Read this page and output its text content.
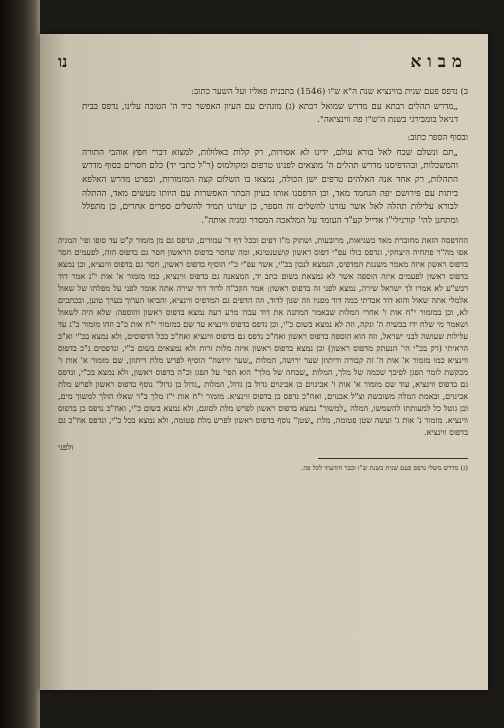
מבוא
נו

ב) נדפס פעם שנית בווינציא שנת ה"א ש"ו (1546) בתבנית פאליו ועל השער כתוב:

„מדרש תהלים רבתא עם מדרש שמואל רבתא (ג) מוגהים עם העיון האפשר כיד ה' הטובה עלינו, נדפס בבית דניאל בומבירגי בשנת ה'ש"ו פה ווינציאה".

ובסוף הספר כתוב:

„תם ונשלם שבח לאל בורא עולם, ידינו לא אסורות, רק קלות כאלולות, למצוא דברי חפץ אוהבי התורה והמשכלות, ובהדפיסנו מדרש תהלים ה' מוצאים לפנינו טרפום ומקולמוס (ר"ל כתבי יד) כלם חסרים בסוף מדרש התהלות, רק אחד אנה האלהים טרפים ישן הכולה, נמצאו בו השלום קצה המזמורות, ובפרט מדרש האלפא ביתות עם פירושם יפה הנחמד מאד, וכן הדפסנו אותו בעיון הבתר האפשרות עם היותו מעשים מאד, ההתלה לבורא עלילות תהלה לאל אשר עזרנו להשלים זה הספר, כן יעזרנו תמיד להשלים ספרים אחרים, כן מתפלל ומתחנן להי' קורנילי"ו אדייל קע"ד העומד על המלאכה המסדר ומגיה אותה".

ההדפסה הזאת מחוברת מאד בשגיאות, מרובעות, ושתוק מ"ז דפים ובכל דף ד' עמודים, ונדפס גם מן מזמור ק"ט עד סופו ופי' המגיה אפו מה"ר פתחיה היצחקי, ונדפס כולו עפ"י דפוס ראשון קושטנטינא, ומה שחסר בדפוס הראשון חסר גם בדפוס הזה, לפעמים חסר בדפוס ראשון איזה מאמר משנגת המדפיס, הנמצא לנכון בכ"י, אשר עפ"י כ"י הוסיף בדפוס ראשון, חסר גם בדפוס ווינציא, וכן נמצא בדפוס ראשון לפעמים איזה הוספה אשר לא נמצאת בשום כתב יד, המצאנה גם בדפוס ווינציא, כמו מזמור א' אות י"ג אמר דוד רבש"ע לא אמרו לך ישראל שירה, נמצא לפני זה בדפוס ראשון: אמר הקב"ה לדוד דוד שירה אתה אומר לפני על מפלתו של שאול אלמלי אתה שאול והוא דוד אבדתי כמה דוד מפניו וזה שנון לדוד, וזה הדפים גם המדפיס ווינציא, והביאו הערוך בערך טוען, ובכתבים לא, וכן במזמור י"ח אות ו' אחרי המלות שבאמר המתנה את דוד עבדו מרע רעה נמצא בדפוס ראשון והוספה: שלא היה לשאול ושאמר מי שלח ידו בבשיח ה' ונקה, וזה לא נמצא בשום כ"י, וכן נדפס בדפוס ווינציא עד שם במזמור י"ח אות כ"ב וזהו מזמור כ"ג עד עלילות שעושה לבני ישראל, וזה הוא הוספה בדפוס ראשון ואח"כ נדפס גם בדפוס ווינציא ואח"כ בכל הדפוסים, ולא נמצא בכ"י וא"כ הראיתי (רק בכ"י הי' הנעתק מדפוס ראשון) וכן נמצא בדפוס ראשון איזה מלות זרות ולא נמצאים בשום כ"י, ונדפסים נ"כ בדפוס ווינציא כמו מזמור א' אות ה' זה קבורה ודיתוזן שער ירושה, המלות „שער ירושה" הוסיף לפרש מלת דיתוזן, שם מזמור א' אות ו' מכקשת לומר הפגן לפיכך שכמה של מלך, המלות „שבחה של מלך" הוא הפי' על הפגן וכ"ה בדפוס ראשון, ולא נמצא בכ"י, ונדפס גם בדפוס ווינציא, עוד שם מזמור א' אות ו' אבינוים כן אבינוים גדול בן גדול, המלות „גדול בן גדול" נוסף בדפוס ראשון לפרש מלת אבינוים, ובאמת המלה משובשת וצ"ל אבנוים, ואח"כ נדפס כן בדפוס ווינציא. מזמור י"ח אות י"ז מלך ב"ר שאלו הולך למשוך מים, ובן גוטל כל למעותתו להשמשו, המלה „למשוך" נמצא בדפוס ראשון לפרש מלת לסוגם, ולא נמצא בשום כ"י, ואח"כ נדפס כן בדפוס ווינציא. מזמור נ' אות ג' ועשה שטן פטומה, מלת „שטן" נוסף בדפוס ראשון לפרש מלת פטומה, ולא נמצא בכל כ"י, ונדפס אח"כ גם בדפוס ווינציא.

ולפני

(ג) מדרש משלי נדפס פעם שנית בשנת ש"ו וכבר הודעתי לכל פה.
